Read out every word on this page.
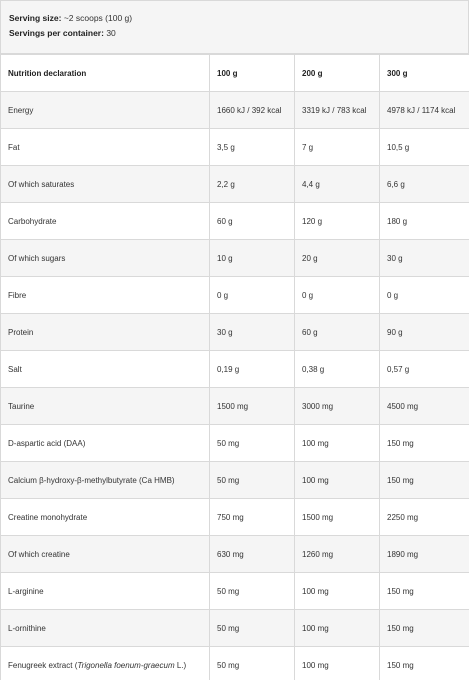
Serving size: ~2 scoops (100 g)
Servings per container: 30
Nutrition declaration	100 g	200 g	300 g
Energy	1660 kJ / 392 kcal	3319 kJ / 783 kcal	4978 kJ / 1174 kcal
Fat	3,5 g	7 g	10,5 g
Of which saturates	2,2 g	4,4 g	6,6 g
Carbohydrate	60 g	120 g	180 g
Of which sugars	10 g	20 g	30 g
Fibre	0 g	0 g	0 g
Protein	30 g	60 g	90 g
Salt	0,19 g	0,38 g	0,57 g
Taurine	1500 mg	3000 mg	4500 mg
D-aspartic acid (DAA)	50 mg	100 mg	150 mg
Calcium β-hydroxy-β-methylbutyrate (Ca HMB)	50 mg	100 mg	150 mg
Creatine monohydrate	750 mg	1500 mg	2250 mg
Of which creatine	630 mg	1260 mg	1890 mg
L-arginine	50 mg	100 mg	150 mg
L-ornithine	50 mg	100 mg	150 mg
Fenugreek extract (Trigonella foenum-graecum L.)	50 mg	100 mg	150 mg
